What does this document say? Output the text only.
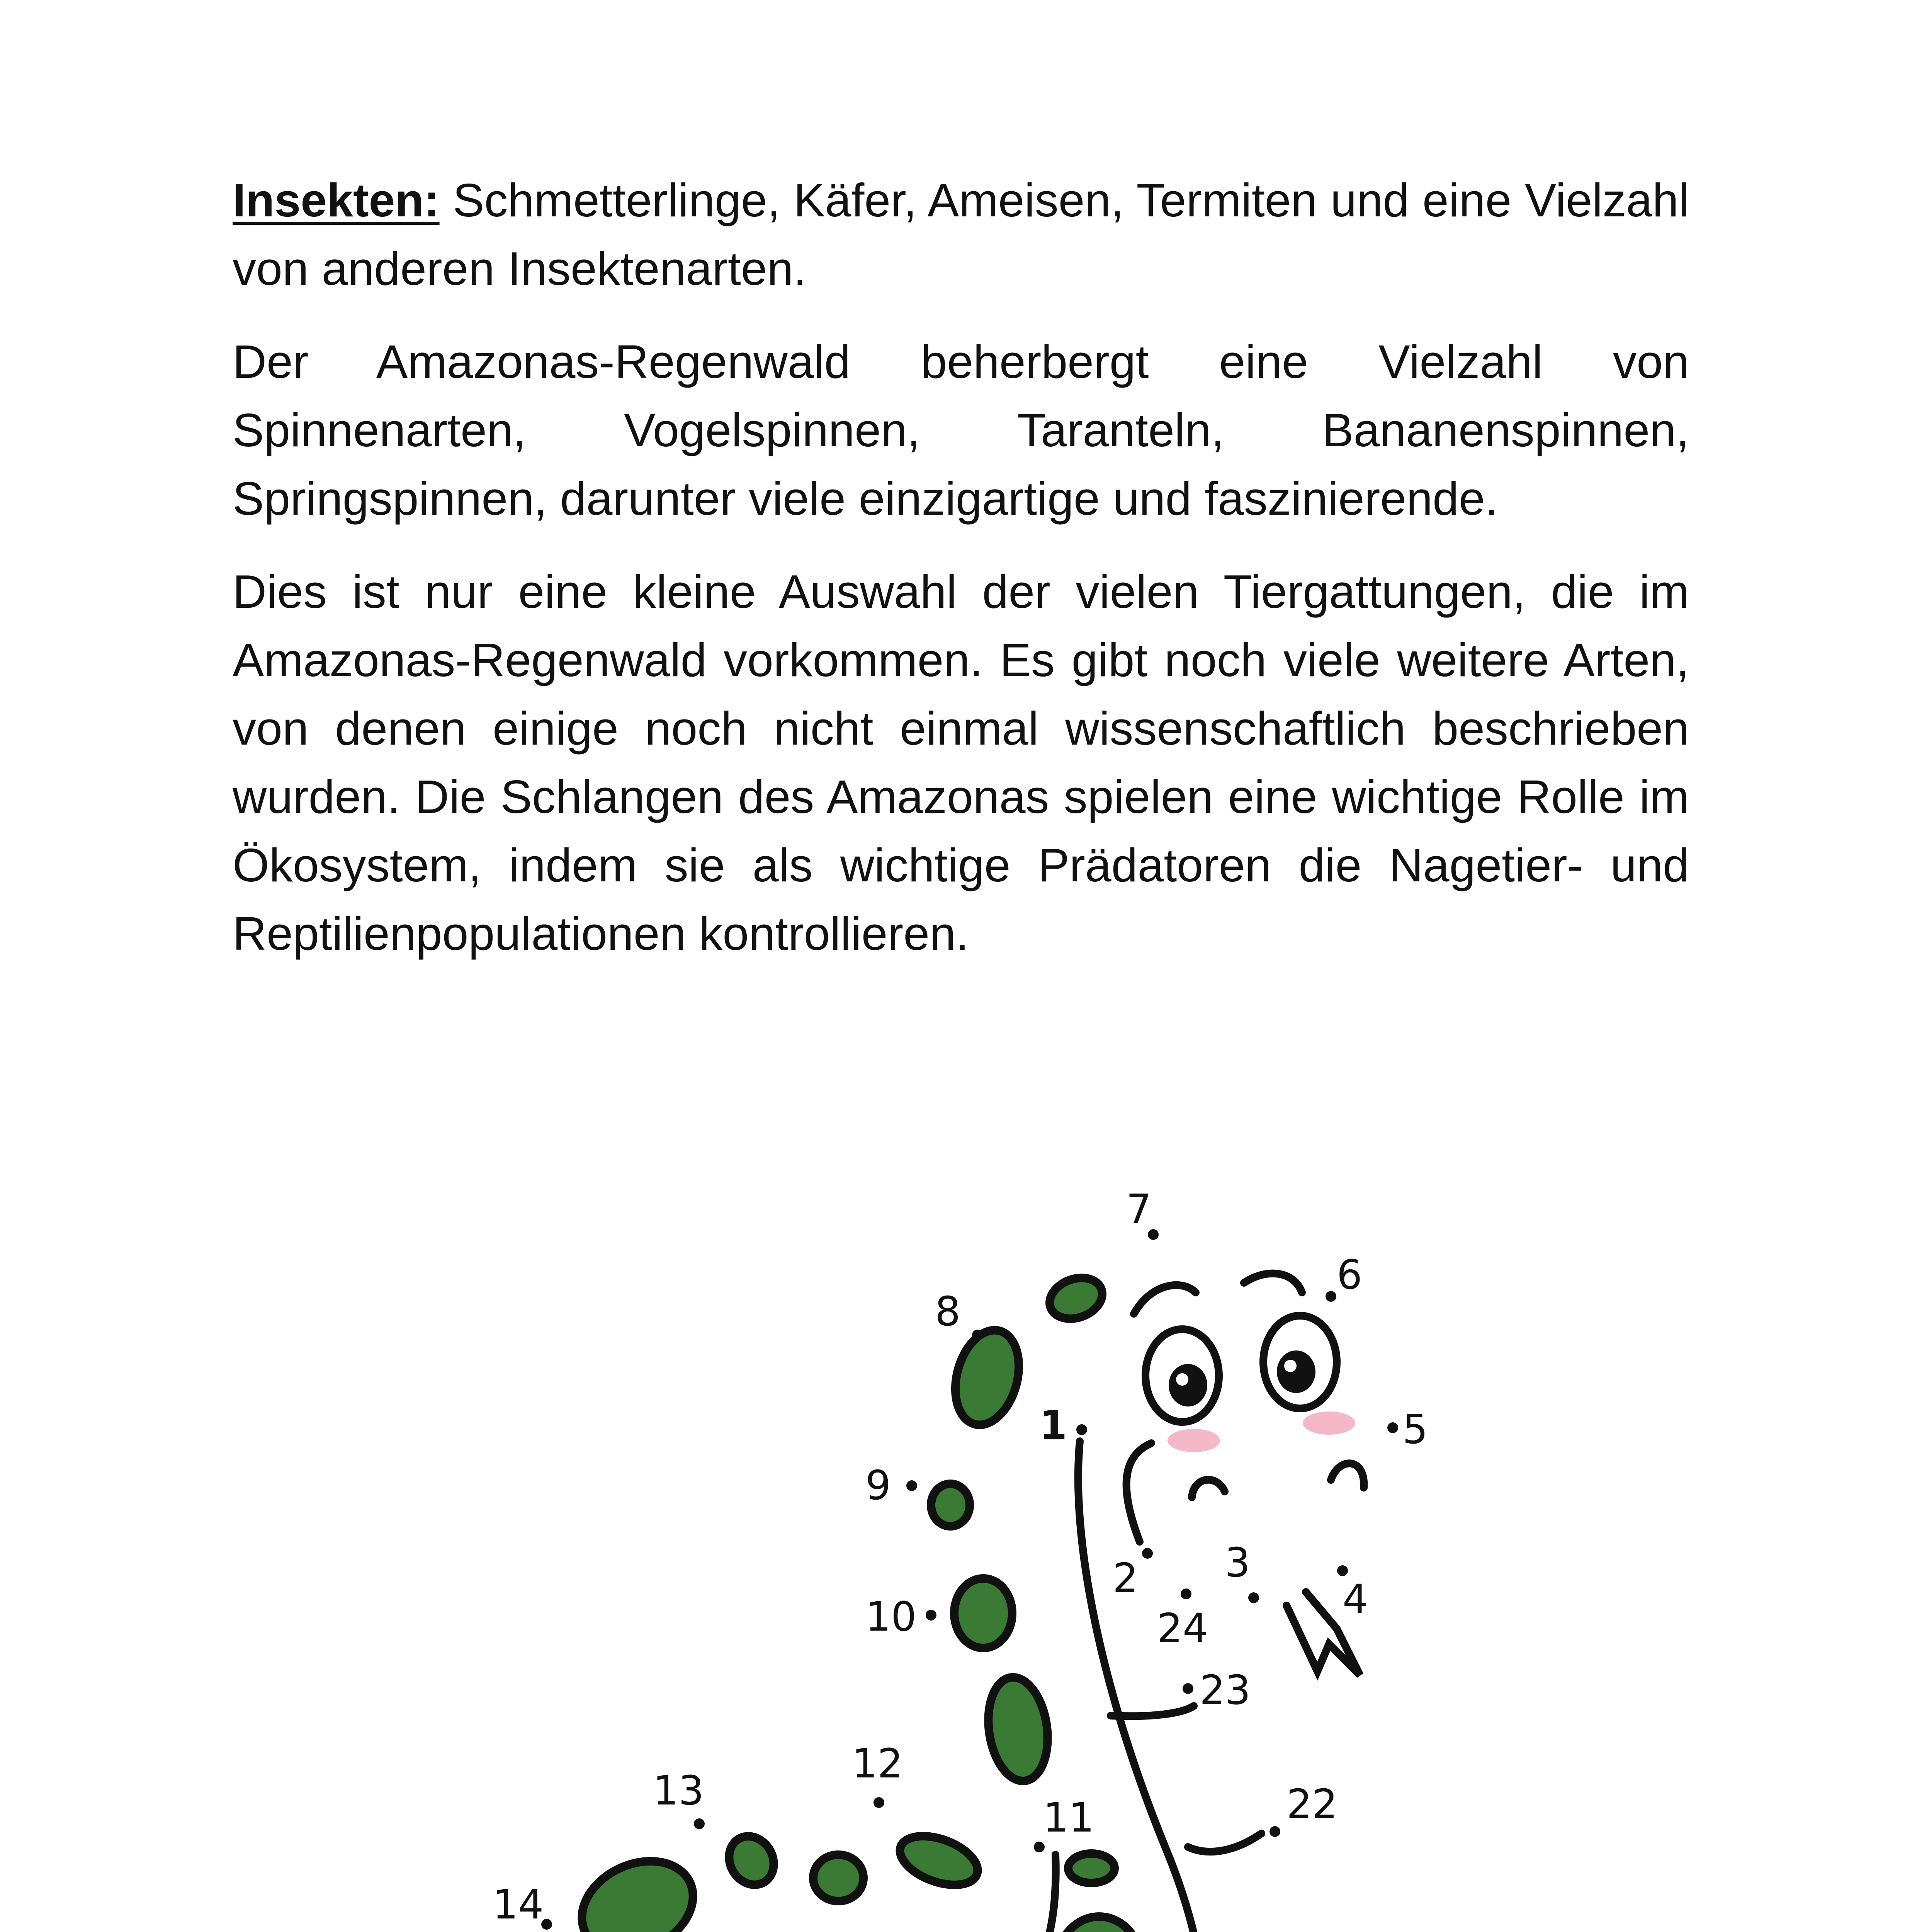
Insekten: Schmetterlinge, Käfer, Ameisen, Termiten und eine Vielzahl von anderen Insektenarten.

Der Amazonas-Regenwald beherbergt eine Vielzahl von Spinnenarten, Vogelspinnen, Taranteln, Bananenspinnen, Springspinnen, darunter viele einzigartige und faszinierende.

Dies ist nur eine kleine Auswahl der vielen Tiergattungen, die im Amazonas-Regenwald vorkommen. Es gibt noch viele weitere Arten, von denen einige noch nicht einmal wissenschaftlich beschrieben wurden. Die Schlangen des Amazonas spielen eine wichtige Rolle im Ökosystem, indem sie als wichtige Prädatoren die Nagetier- und Reptilienpopulationen kontrollieren.

1
2 3
4
5
6
7
8
9
10
11
12
13
14
22
23
24
